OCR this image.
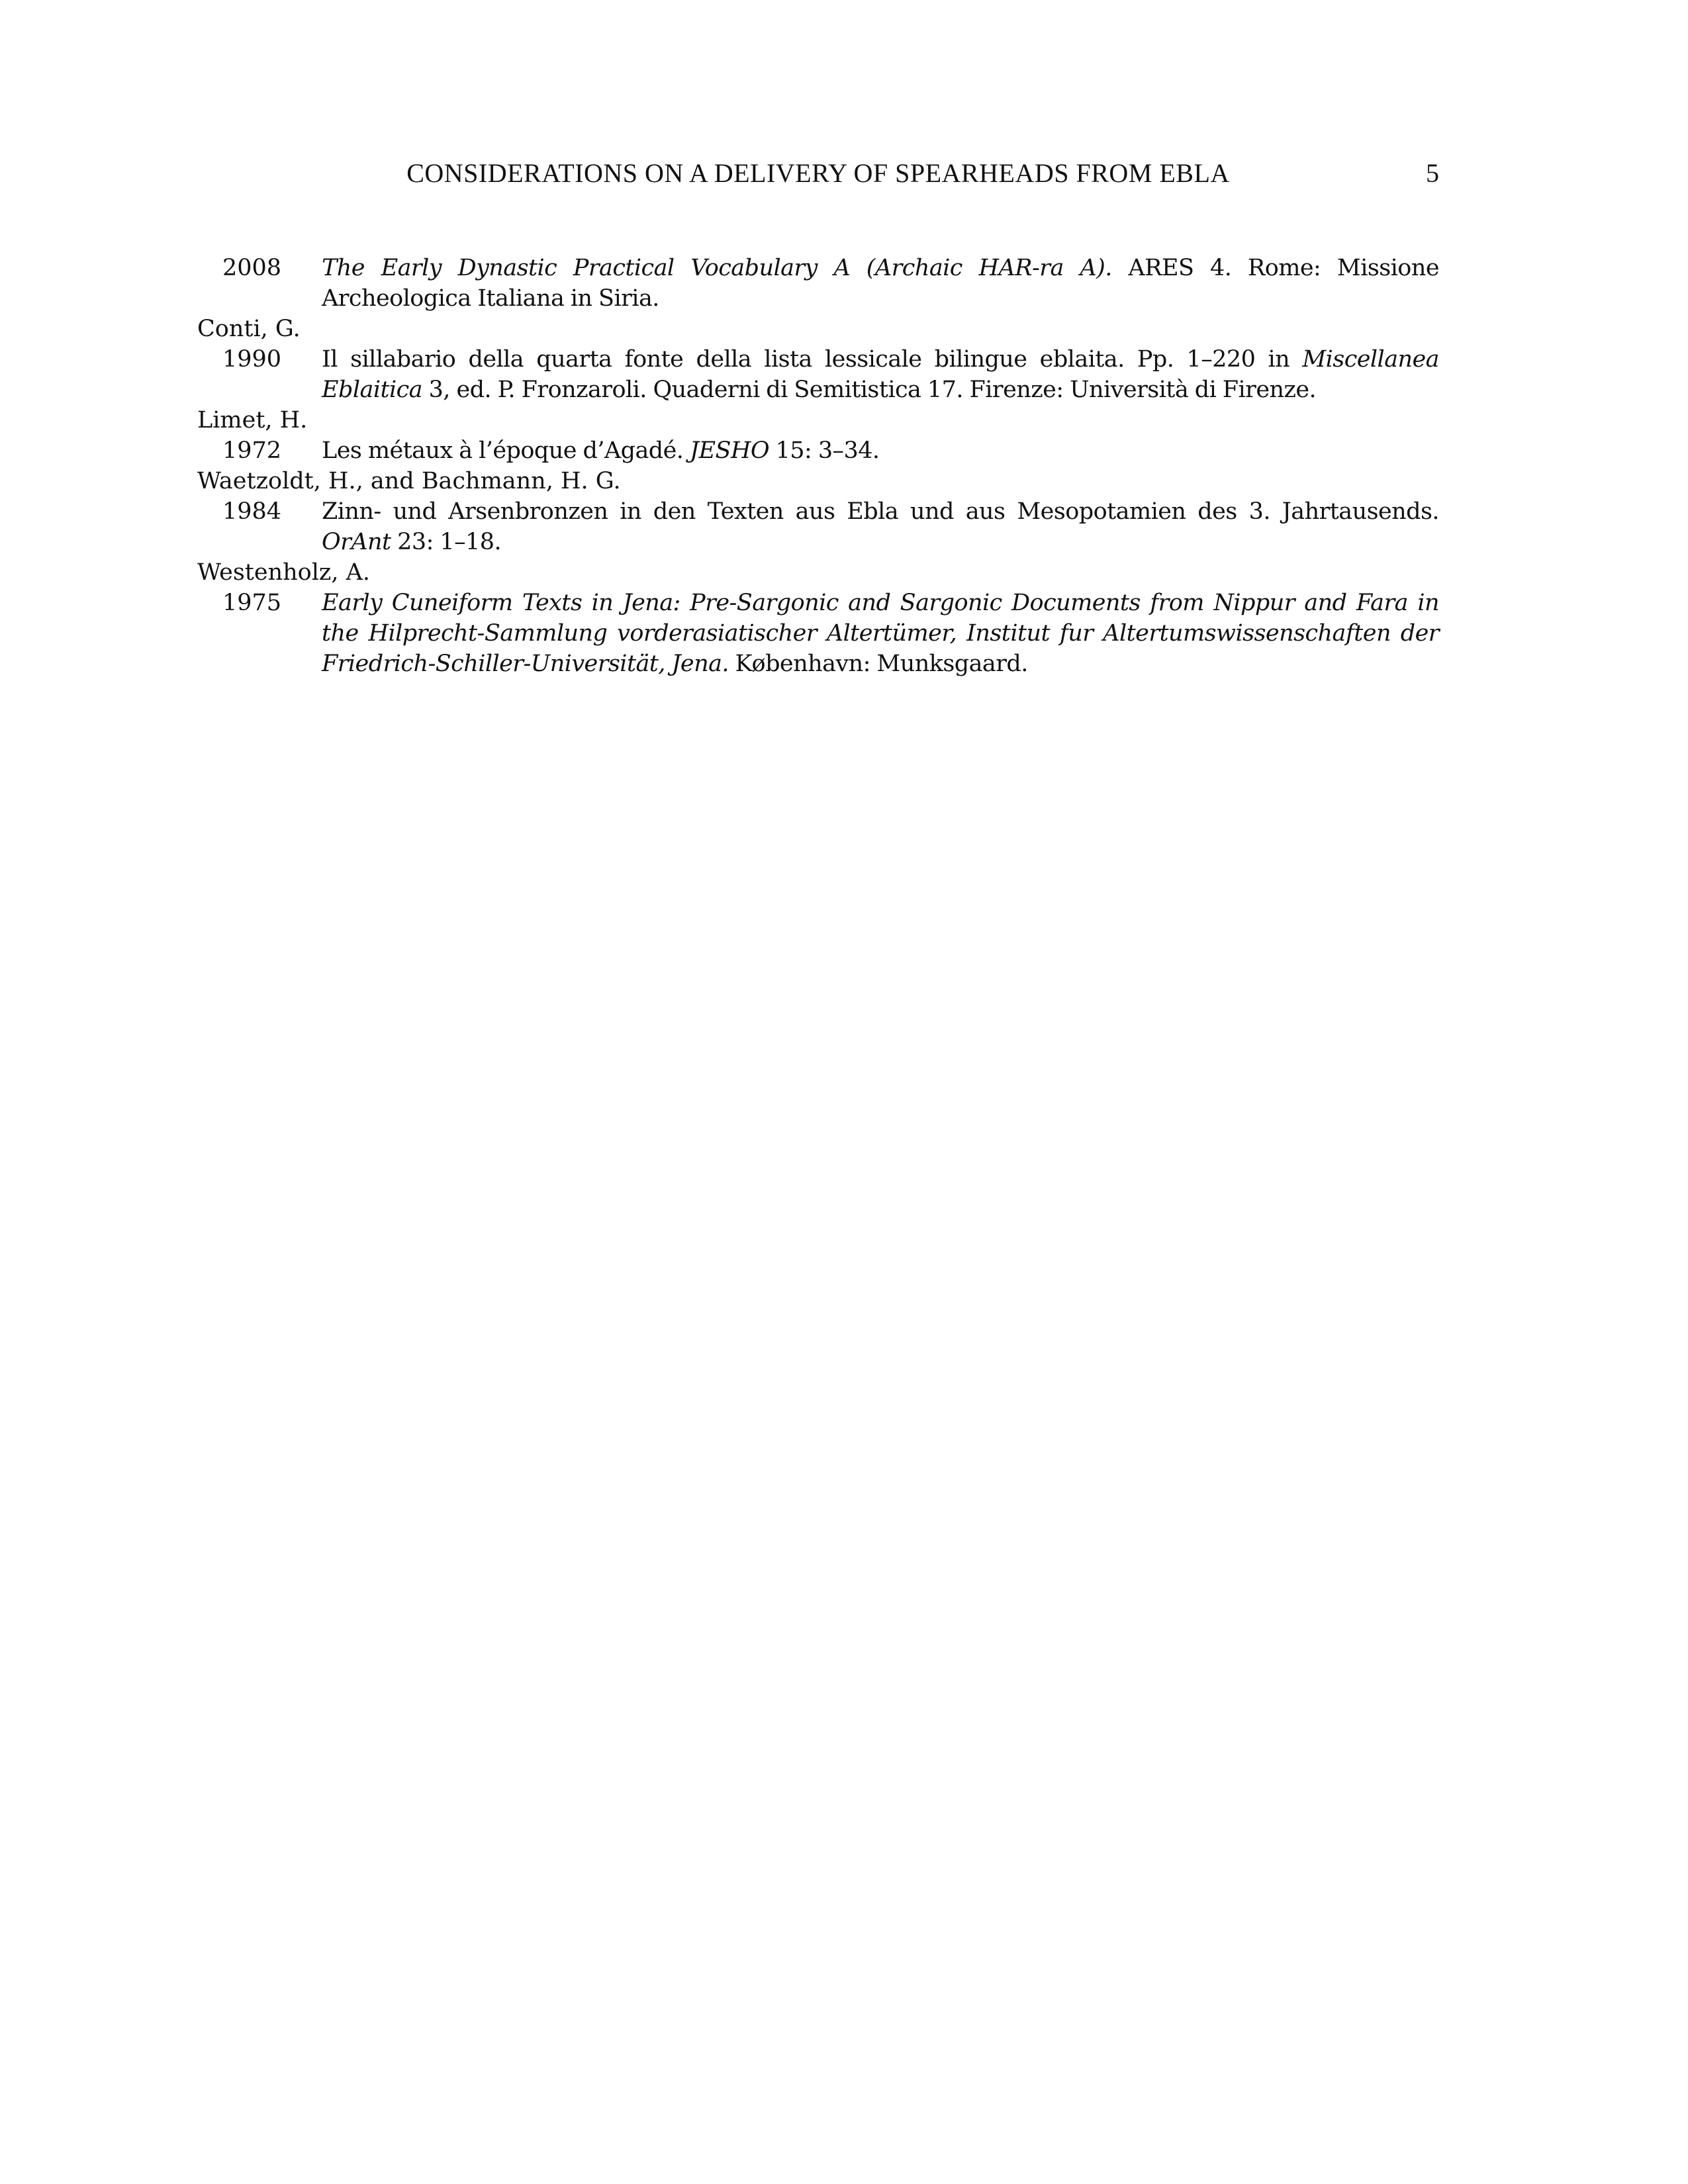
CONSIDERATIONS ON A DELIVERY OF SPEARHEADS FROM EBLA	5
2008	The Early Dynastic Practical Vocabulary A (Archaic HAR-ra A). ARES 4. Rome: Missione Archeologica Italiana in Siria.
Conti, G.
1990	Il sillabario della quarta fonte della lista lessicale bilingue eblaita. Pp. 1–220 in Miscellanea Eblaitica 3, ed. P. Fronzaroli. Quaderni di Semitistica 17. Firenze: Università di Firenze.
Limet, H.
1972	Les métaux à l’époque d’Agadé. JESHO 15: 3–34.
Waetzoldt, H., and Bachmann, H. G.
1984	Zinn- und Arsenbronzen in den Texten aus Ebla und aus Mesopotamien des 3. Jahrtausends. OrAnt 23: 1–18.
Westenholz, A.
1975	Early Cuneiform Texts in Jena: Pre-Sargonic and Sargonic Documents from Nippur and Fara in the Hilprecht-Sammlung vorderasiatischer Altertümer, Institut fur Altertumswissenschaften der Friedrich-Schiller-Universität, Jena. København: Munksgaard.
